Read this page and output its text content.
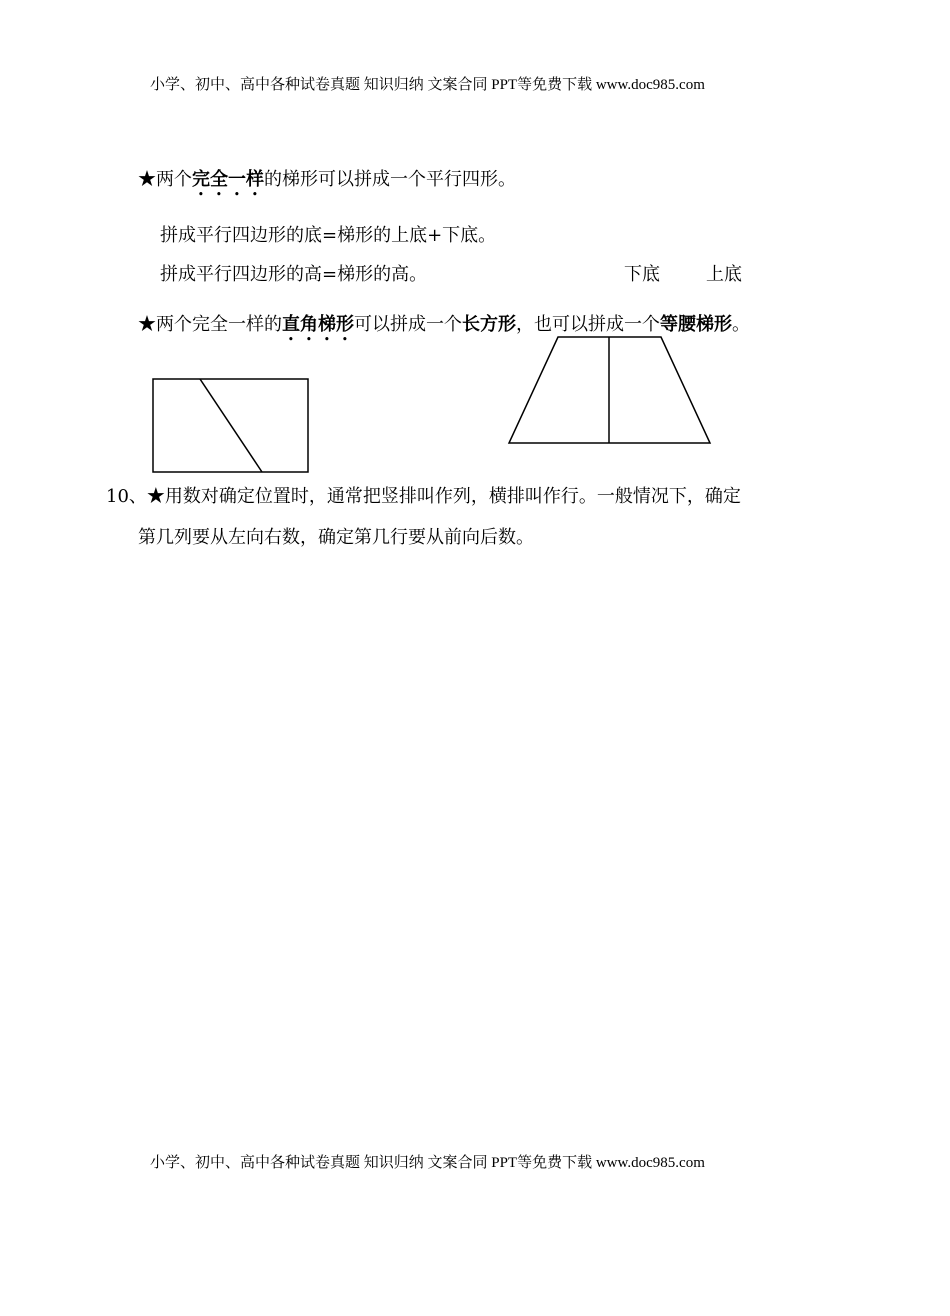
小学、初中、高中各种试卷真题 知识归纳 文案合同 PPT等免费下载 www.doc985.com
★两个完全一样的梯形可以拼成一个平行四形。
拼成平行四边形的底=梯形的上底+下底。
拼成平行四边形的高=梯形的高。	下底	上底
★两个完全一样的直角梯形可以拼成一个长方形，也可以拼成一个等腰梯形。
10、★用数对确定位置时，通常把竖排叫作列，横排叫作行。一般情况下，确定
第几列要从左向右数，确定第几行要从前向后数。
小学、初中、高中各种试卷真题 知识归纳 文案合同 PPT等免费下载 www.doc985.com
